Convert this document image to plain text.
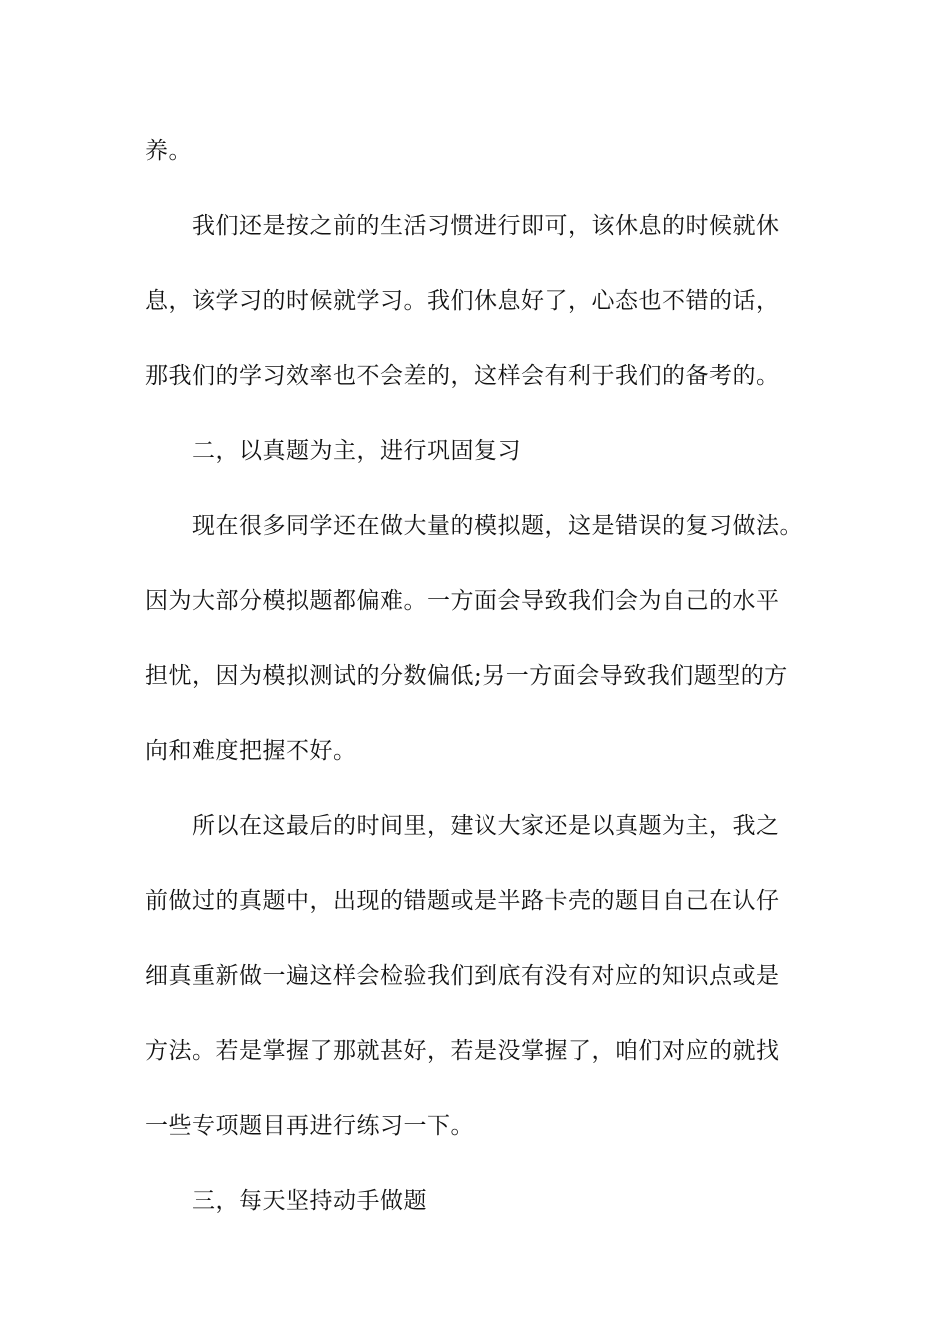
养。
我们还是按之前的生活习惯进行即可，该休息的时候就休
息，该学习的时候就学习。我们休息好了，心态也不错的话，
那我们的学习效率也不会差的，这样会有利于我们的备考的。
二，以真题为主，进行巩固复习
现在很多同学还在做大量的模拟题，这是错误的复习做法。
因为大部分模拟题都偏难。一方面会导致我们会为自己的水平
担忧，因为模拟测试的分数偏低;另一方面会导致我们题型的方
向和难度把握不好。
所以在这最后的时间里，建议大家还是以真题为主，我之
前做过的真题中，出现的错题或是半路卡壳的题目自己在认仔
细真重新做一遍这样会检验我们到底有没有对应的知识点或是
方法。若是掌握了那就甚好，若是没掌握了，咱们对应的就找
一些专项题目再进行练习一下。
三，每天坚持动手做题
